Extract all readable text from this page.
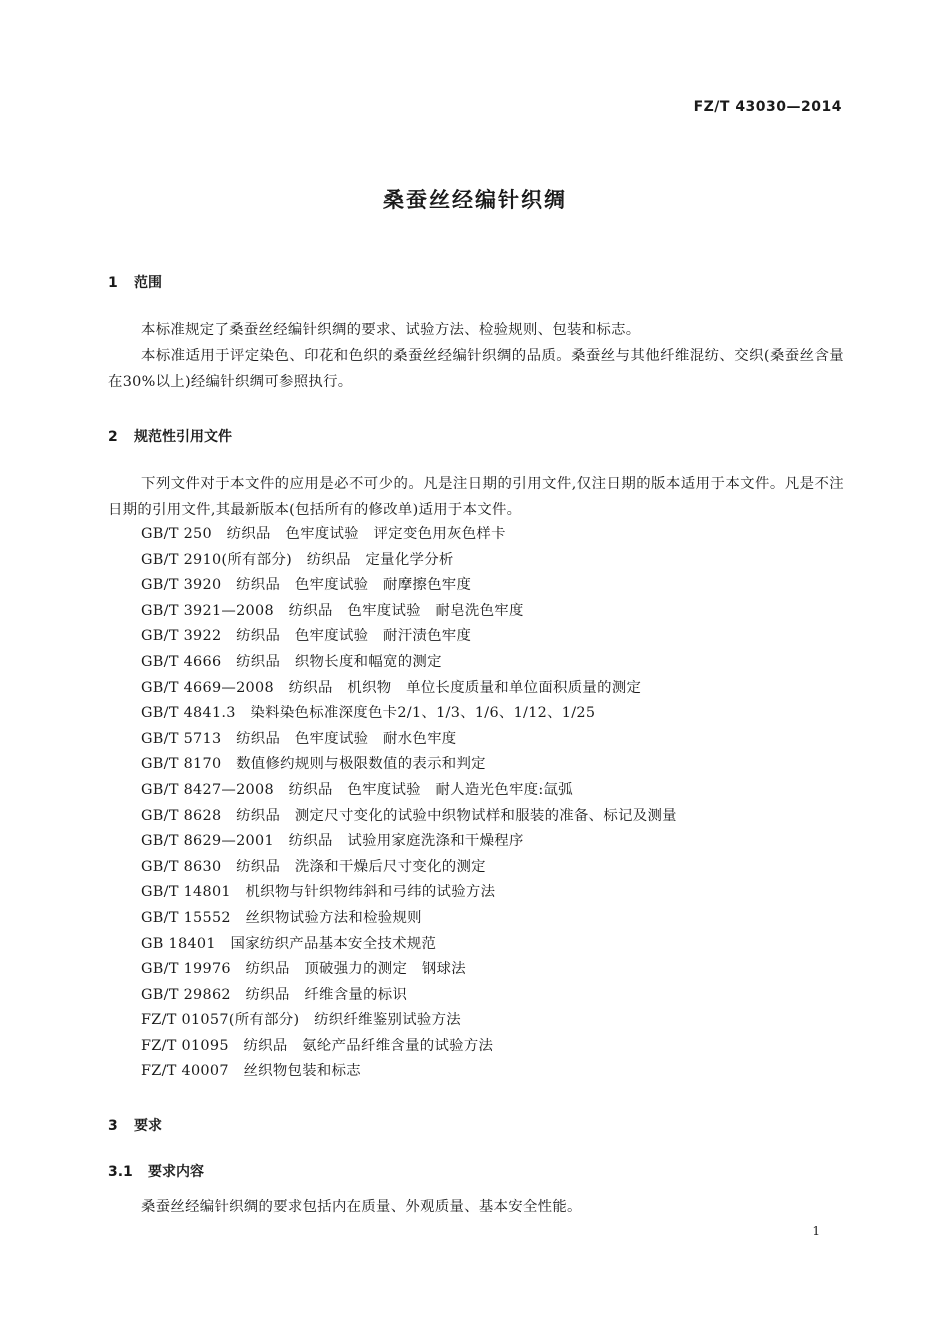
FZ/T 43030—2014
桑蚕丝经编针织绸
1 范围
本标准规定了桑蚕丝经编针织绸的要求、试验方法、检验规则、包装和标志。
本标准适用于评定染色、印花和色织的桑蚕丝经编针织绸的品质。桑蚕丝与其他纤维混纺、交织(桑蚕丝含量在30%以上)经编针织绸可参照执行。
2 规范性引用文件
下列文件对于本文件的应用是必不可少的。凡是注日期的引用文件,仅注日期的版本适用于本文件。凡是不注日期的引用文件,其最新版本(包括所有的修改单)适用于本文件。
GB/T 250　纺织品　色牢度试验　评定变色用灰色样卡
GB/T 2910(所有部分)　纺织品　定量化学分析
GB/T 3920　纺织品　色牢度试验　耐摩擦色牢度
GB/T 3921—2008　纺织品　色牢度试验　耐皂洗色牢度
GB/T 3922　纺织品　色牢度试验　耐汗渍色牢度
GB/T 4666　纺织品　织物长度和幅宽的测定
GB/T 4669—2008　纺织品　机织物　单位长度质量和单位面积质量的测定
GB/T 4841.3　染料染色标准深度色卡2/1、1/3、1/6、1/12、1/25
GB/T 5713　纺织品　色牢度试验　耐水色牢度
GB/T 8170　数值修约规则与极限数值的表示和判定
GB/T 8427—2008　纺织品　色牢度试验　耐人造光色牢度:氙弧
GB/T 8628　纺织品　测定尺寸变化的试验中织物试样和服装的准备、标记及测量
GB/T 8629—2001　纺织品　试验用家庭洗涤和干燥程序
GB/T 8630　纺织品　洗涤和干燥后尺寸变化的测定
GB/T 14801　机织物与针织物纬斜和弓纬的试验方法
GB/T 15552　丝织物试验方法和检验规则
GB 18401　国家纺织产品基本安全技术规范
GB/T 19976　纺织品　顶破强力的测定　钢球法
GB/T 29862　纺织品　纤维含量的标识
FZ/T 01057(所有部分)　纺织纤维鉴别试验方法
FZ/T 01095　纺织品　氨纶产品纤维含量的试验方法
FZ/T 40007　丝织物包装和标志
3 要求
3.1 要求内容
桑蚕丝经编针织绸的要求包括内在质量、外观质量、基本安全性能。
1
